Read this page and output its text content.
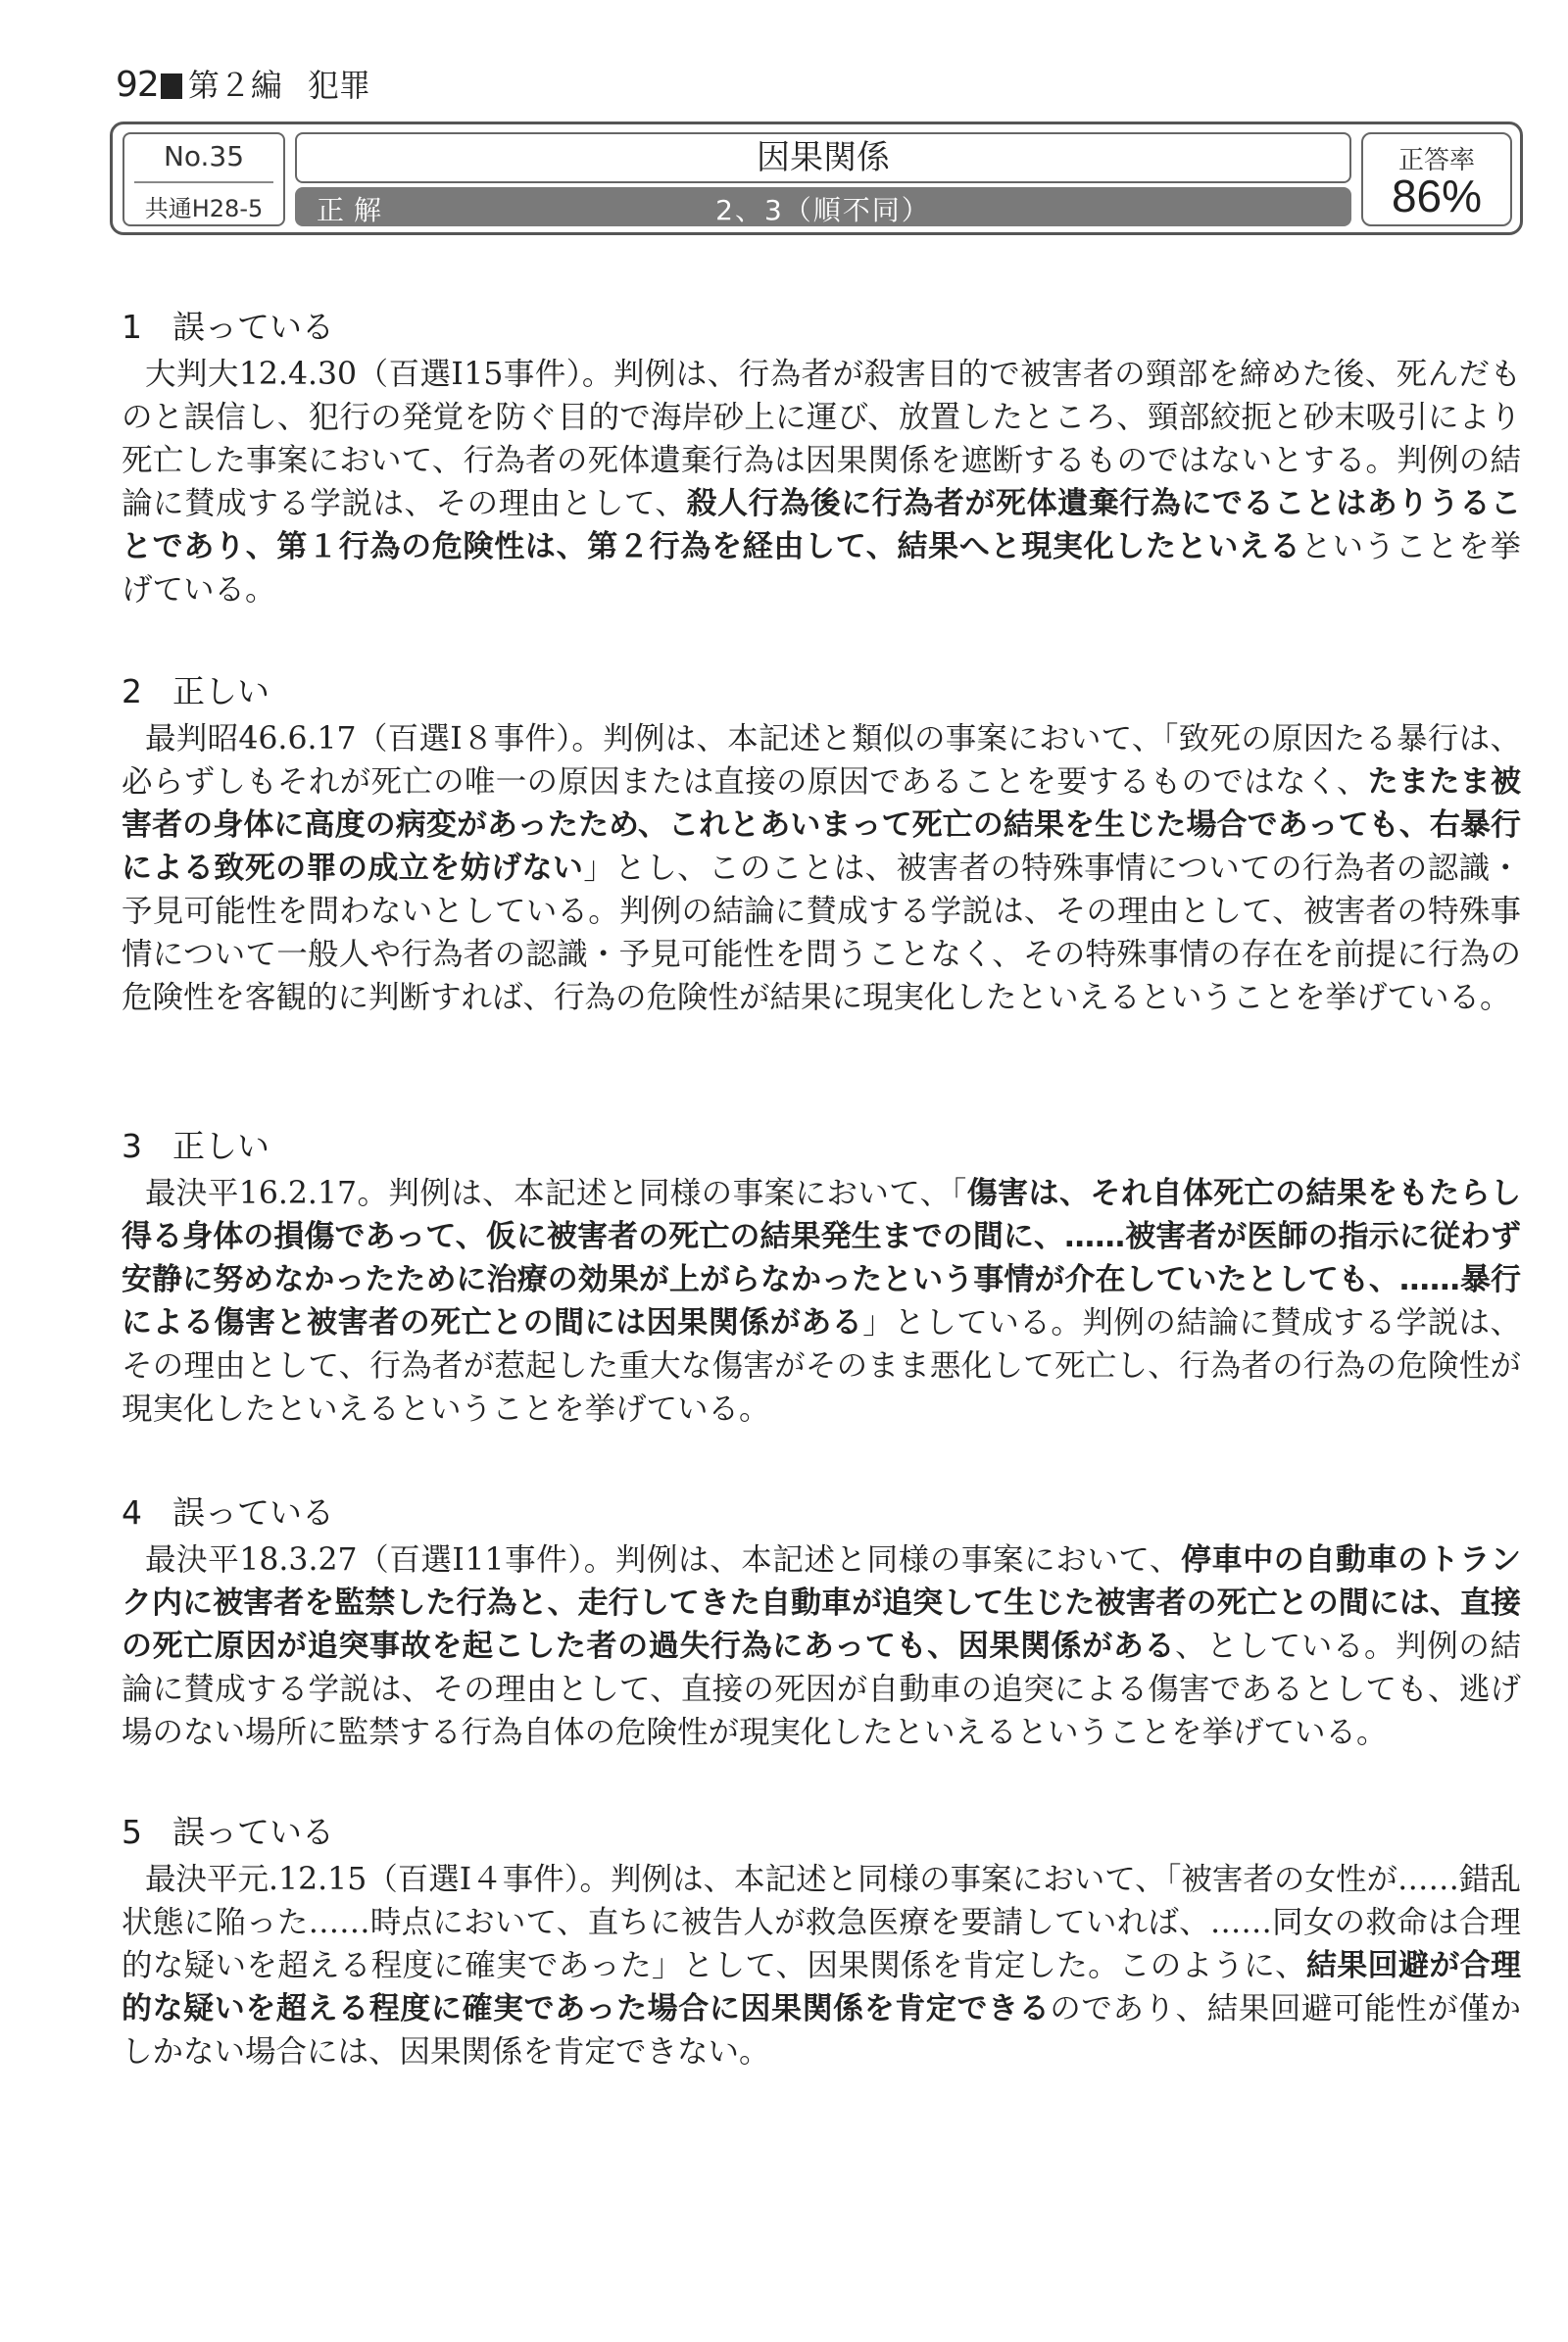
92 第２編 犯罪
No.35
共通H28-5
因果関係
正解	2、3（順不同）
正答率
86%
1 誤っている
大判大12.4.30（百選Ⅰ15事件）。判例は、行為者が殺害目的で被害者の頸部を締めた後、死んだものと誤信し、犯行の発覚を防ぐ目的で海岸砂上に運び、放置したところ、頸部絞扼と砂末吸引により死亡した事案において、行為者の死体遺棄行為は因果関係を遮断するものではないとする。判例の結論に賛成する学説は、その理由として、殺人行為後に行為者が死体遺棄行為にでることはありうることであり、第１行為の危険性は、第２行為を経由して、結果へと現実化したといえるということを挙げている。
2 正しい
最判昭46.6.17（百選Ⅰ８事件）。判例は、本記述と類似の事案において、「致死の原因たる暴行は、必らずしもそれが死亡の唯一の原因または直接の原因であることを要するものではなく、たまたま被害者の身体に高度の病変があったため、これとあいまって死亡の結果を生じた場合であっても、右暴行による致死の罪の成立を妨げない」とし、このことは、被害者の特殊事情についての行為者の認識・予見可能性を問わないとしている。判例の結論に賛成する学説は、その理由として、被害者の特殊事情について一般人や行為者の認識・予見可能性を問うことなく、その特殊事情の存在を前提に行為の危険性を客観的に判断すれば、行為の危険性が結果に現実化したといえるということを挙げている。
3 正しい
最決平16.2.17。判例は、本記述と同様の事案において、「傷害は、それ自体死亡の結果をもたらし得る身体の損傷であって、仮に被害者の死亡の結果発生までの間に、……被害者が医師の指示に従わず安静に努めなかったために治療の効果が上がらなかったという事情が介在していたとしても、……暴行による傷害と被害者の死亡との間には因果関係がある」としている。判例の結論に賛成する学説は、その理由として、行為者が惹起した重大な傷害がそのまま悪化して死亡し、行為者の行為の危険性が現実化したといえるということを挙げている。
4 誤っている
最決平18.3.27（百選Ⅰ11事件）。判例は、本記述と同様の事案において、停車中の自動車のトランク内に被害者を監禁した行為と、走行してきた自動車が追突して生じた被害者の死亡との間には、直接の死亡原因が追突事故を起こした者の過失行為にあっても、因果関係がある、としている。判例の結論に賛成する学説は、その理由として、直接の死因が自動車の追突による傷害であるとしても、逃げ場のない場所に監禁する行為自体の危険性が現実化したといえるということを挙げている。
5 誤っている
最決平元.12.15（百選Ⅰ４事件）。判例は、本記述と同様の事案において、「被害者の女性が……錯乱状態に陥った……時点において、直ちに被告人が救急医療を要請していれば、……同女の救命は合理的な疑いを超える程度に確実であった」として、因果関係を肯定した。このように、結果回避が合理的な疑いを超える程度に確実であった場合に因果関係を肯定できるのであり、結果回避可能性が僅かしかない場合には、因果関係を肯定できない。
